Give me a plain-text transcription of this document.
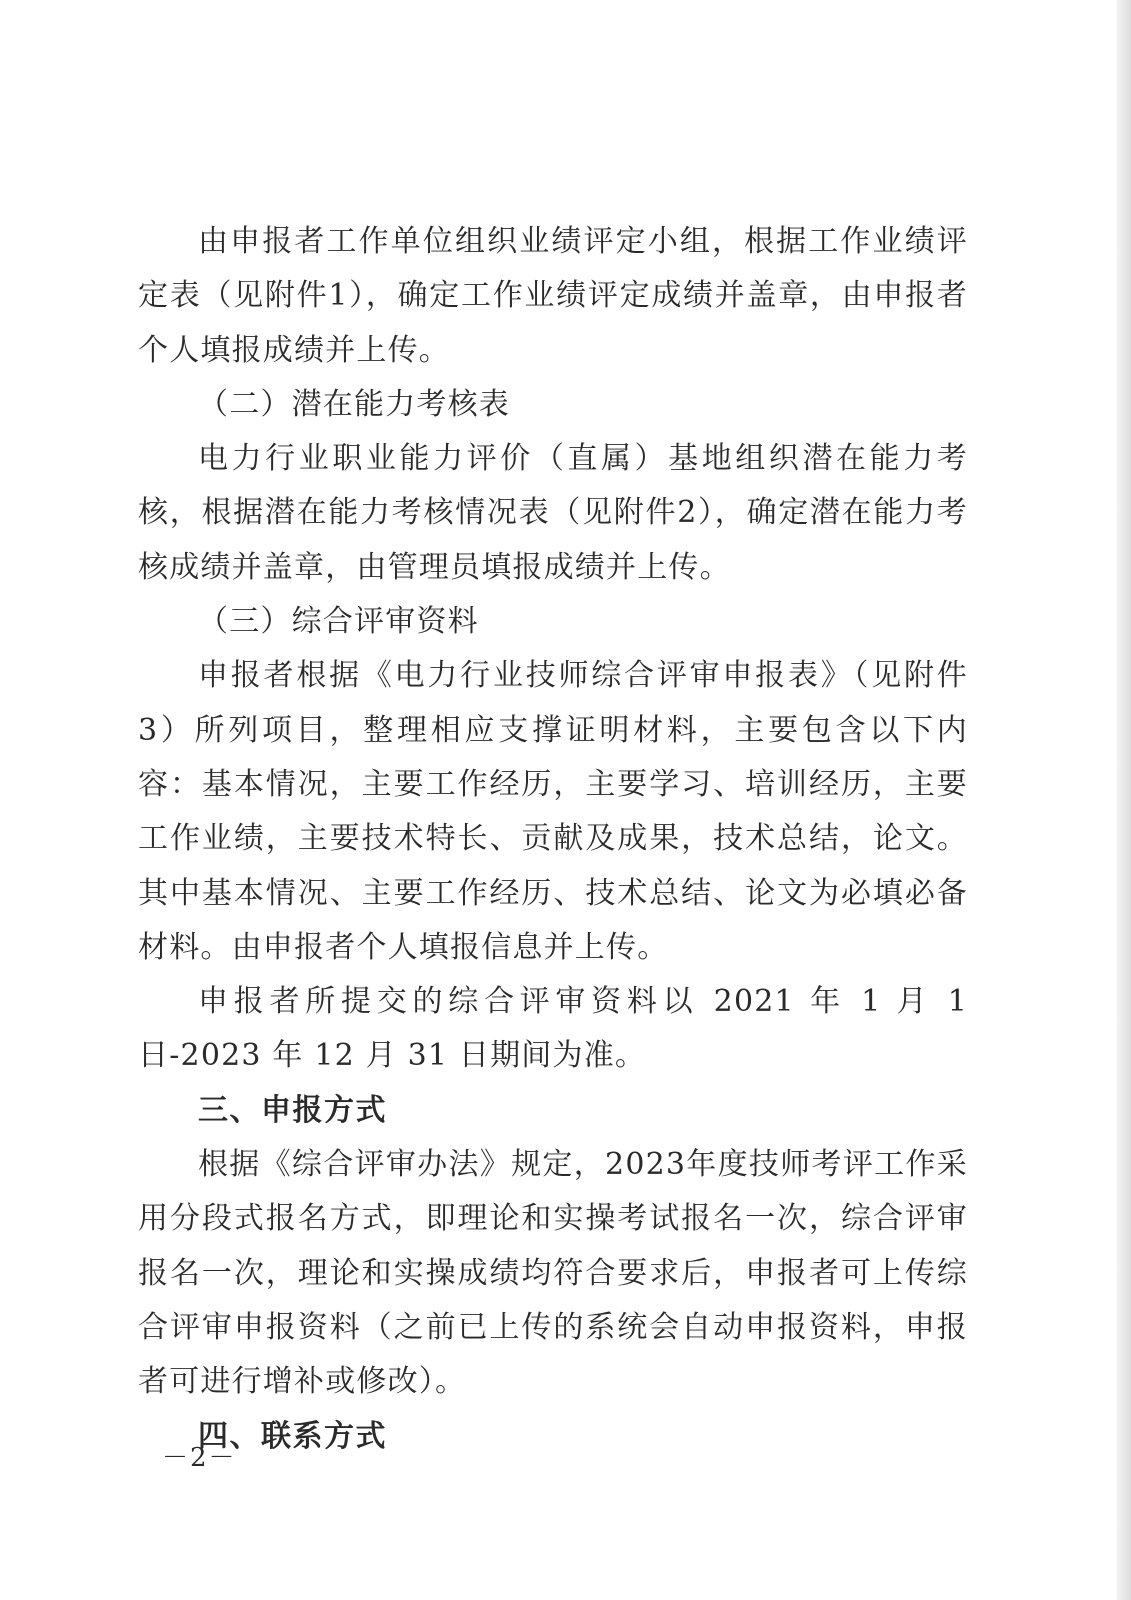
由申报者工作单位组织业绩评定小组，根据工作业绩评定表（见附件1），确定工作业绩评定成绩并盖章，由申报者个人填报成绩并上传。

（二）潜在能力考核表

电力行业职业能力评价（直属）基地组织潜在能力考核，根据潜在能力考核情况表（见附件2），确定潜在能力考核成绩并盖章，由管理员填报成绩并上传。

（三）综合评审资料

申报者根据《电力行业技师综合评审申报表》（见附件3）所列项目，整理相应支撑证明材料，主要包含以下内容：基本情况，主要工作经历，主要学习、培训经历，主要工作业绩，主要技术特长、贡献及成果，技术总结，论文。其中基本情况、主要工作经历、技术总结、论文为必填必备材料。由申报者个人填报信息并上传。

申报者所提交的综合评审资料以 2021 年 1 月 1 日-2023 年 12 月 31 日期间为准。

三、申报方式

根据《综合评审办法》规定，2023年度技师考评工作采用分段式报名方式，即理论和实操考试报名一次，综合评审报名一次，理论和实操成绩均符合要求后，申报者可上传综合评审申报资料（之前已上传的系统会自动申报资料，申报者可进行增补或修改）。

四、联系方式
－2－
